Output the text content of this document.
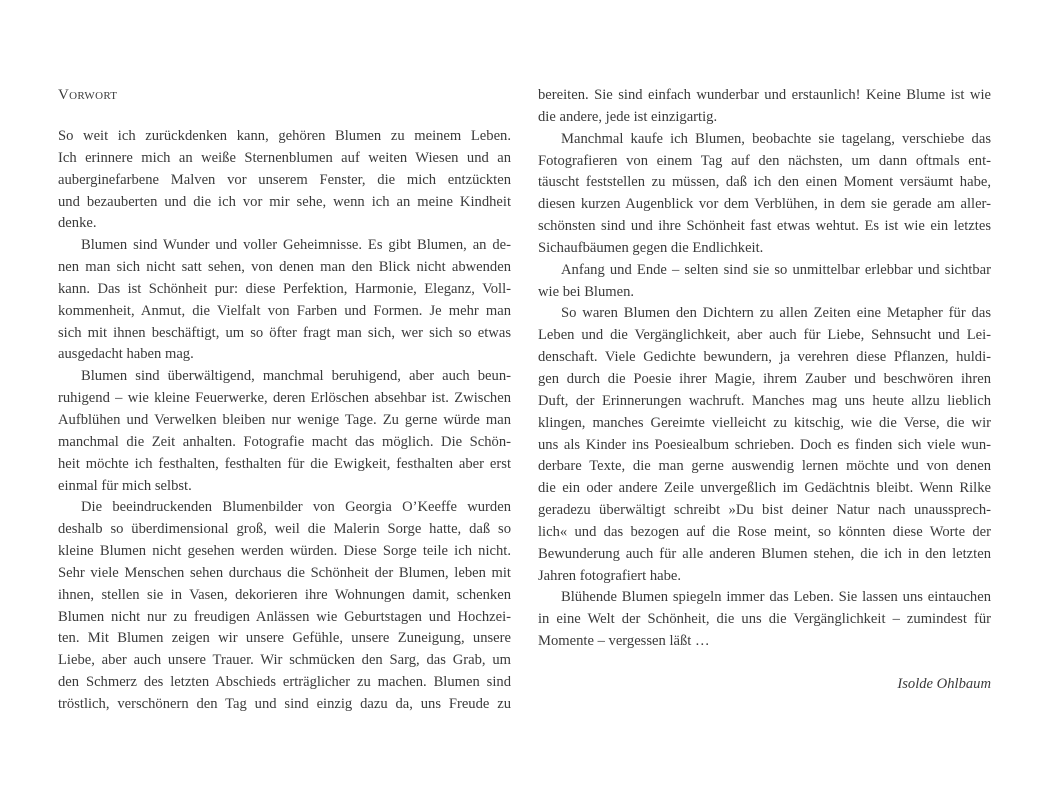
Vorwort
So weit ich zurückdenken kann, gehören Blumen zu meinem Leben.
Ich erinnere mich an weiße Sternenblumen auf weiten Wiesen und an
auberginefarbene Malven vor unserem Fenster, die mich entzückten
und bezauberten und die ich vor mir sehe, wenn ich an meine Kindheit
denke.
Blumen sind Wunder und voller Geheimnisse. Es gibt Blumen, an de-
nen man sich nicht satt sehen, von denen man den Blick nicht abwenden
kann. Das ist Schönheit pur: diese Perfektion, Harmonie, Eleganz, Voll-
kommenheit, Anmut, die Vielfalt von Farben und Formen. Je mehr man
sich mit ihnen beschäftigt, um so öfter fragt man sich, wer sich so etwas
ausgedacht haben mag.
Blumen sind überwältigend, manchmal beruhigend, aber auch beun-
ruhigend – wie kleine Feuerwerke, deren Erlöschen absehbar ist. Zwischen
Aufblühen und Verwelken bleiben nur wenige Tage. Zu gerne würde man
manchmal die Zeit anhalten. Fotografie macht das möglich. Die Schön-
heit möchte ich festhalten, festhalten für die Ewigkeit, festhalten aber erst
einmal für mich selbst.
Die beeindruckenden Blumenbilder von Georgia O’Keeffe wurden
deshalb so überdimensional groß, weil die Malerin Sorge hatte, daß so
kleine Blumen nicht gesehen werden würden. Diese Sorge teile ich nicht.
Sehr viele Menschen sehen durchaus die Schönheit der Blumen, leben mit
ihnen, stellen sie in Vasen, dekorieren ihre Wohnungen damit, schenken
Blumen nicht nur zu freudigen Anlässen wie Geburtstagen und Hochzei-
ten. Mit Blumen zeigen wir unsere Gefühle, unsere Zuneigung, unsere
Liebe, aber auch unsere Trauer. Wir schmücken den Sarg, das Grab, um
den Schmerz des letzten Abschieds erträglicher zu machen. Blumen sind
tröstlich, verschönern den Tag und sind einzig dazu da, uns Freude zu
bereiten. Sie sind einfach wunderbar und erstaunlich! Keine Blume ist wie
die andere, jede ist einzigartig.
Manchmal kaufe ich Blumen, beobachte sie tagelang, verschiebe das
Fotografieren von einem Tag auf den nächsten, um dann oftmals ent-
täuscht feststellen zu müssen, daß ich den einen Moment versäumt habe,
diesen kurzen Augenblick vor dem Verblühen, in dem sie gerade am aller-
schönsten sind und ihre Schönheit fast etwas wehtut. Es ist wie ein letztes
Sichaufbäumen gegen die Endlichkeit.
Anfang und Ende – selten sind sie so unmittelbar erlebbar und sichtbar
wie bei Blumen.
So waren Blumen den Dichtern zu allen Zeiten eine Metapher für das
Leben und die Vergänglichkeit, aber auch für Liebe, Sehnsucht und Lei-
denschaft. Viele Gedichte bewundern, ja verehren diese Pflanzen, huldi-
gen durch die Poesie ihrer Magie, ihrem Zauber und beschwören ihren
Duft, der Erinnerungen wachruft. Manches mag uns heute allzu lieblich
klingen, manches Gereimte vielleicht zu kitschig, wie die Verse, die wir
uns als Kinder ins Poesiealbum schrieben. Doch es finden sich viele wun-
derbare Texte, die man gerne auswendig lernen möchte und von denen
die ein oder andere Zeile unvergeßlich im Gedächtnis bleibt. Wenn Rilke
geradezu überwältigt schreibt »Du bist deiner Natur nach unaussprech-
lich« und das bezogen auf die Rose meint, so könnten diese Worte der
Bewunderung auch für alle anderen Blumen stehen, die ich in den letzten
Jahren fotografiert habe.
Blühende Blumen spiegeln immer das Leben. Sie lassen uns eintauchen
in eine Welt der Schönheit, die uns die Vergänglichkeit – zumindest für
Momente – vergessen läßt …
Isolde Ohlbaum
